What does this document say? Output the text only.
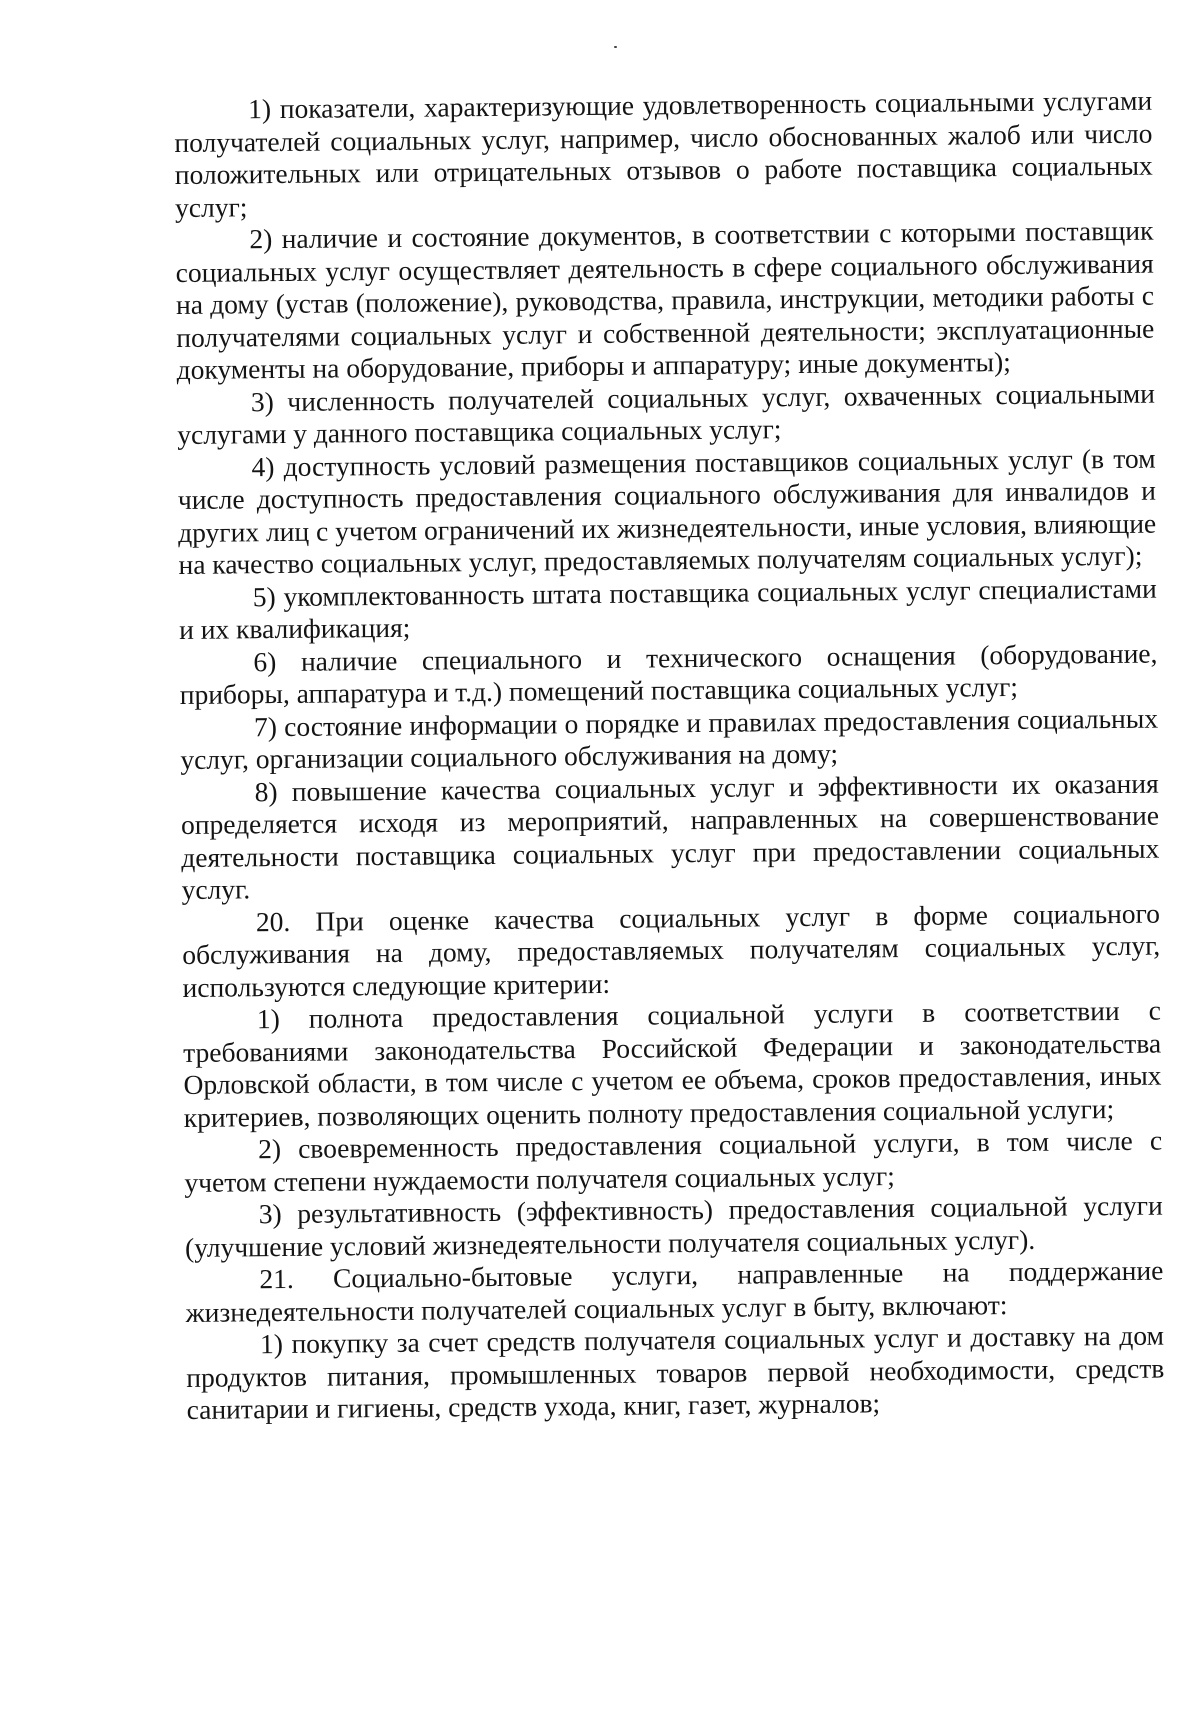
1) показатели, характеризующие удовлетворенность социальными услугами получателей социальных услуг, например, число обоснованных жалоб или число положительных или отрицательных отзывов о работе поставщика социальных услуг;

2) наличие и состояние документов, в соответствии с которыми поставщик социальных услуг осуществляет деятельность в сфере социального обслуживания на дому (устав (положение), руководства, правила, инструкции, методики работы с получателями социальных услуг и собственной деятельности; эксплуатационные документы на оборудование, приборы и аппаратуру; иные документы);

3) численность получателей социальных услуг, охваченных социальными услугами у данного поставщика социальных услуг;

4) доступность условий размещения поставщиков социальных услуг (в том числе доступность предоставления социального обслуживания для инвалидов и других лиц с учетом ограничений их жизнедеятельности, иные условия, влияющие на качество социальных услуг, предоставляемых получателям социальных услуг);

5) укомплектованность штата поставщика социальных услуг специалистами и их квалификация;

6) наличие специального и технического оснащения (оборудование, приборы, аппаратура и т.д.) помещений поставщика социальных услуг;

7) состояние информации о порядке и правилах предоставления социальных услуг, организации социального обслуживания на дому;

8) повышение качества социальных услуг и эффективности их оказания определяется исходя из мероприятий, направленных на совершенствование деятельности поставщика социальных услуг при предоставлении социальных услуг.

20. При оценке качества социальных услуг в форме социального обслуживания на дому, предоставляемых получателям социальных услуг, используются следующие критерии:

1) полнота предоставления социальной услуги в соответствии с требованиями законодательства Российской Федерации и законодательства Орловской области, в том числе с учетом ее объема, сроков предоставления, иных критериев, позволяющих оценить полноту предоставления социальной услуги;

2) своевременность предоставления социальной услуги, в том числе с учетом степени нуждаемости получателя социальных услуг;

3) результативность (эффективность) предоставления социальной услуги (улучшение условий жизнедеятельности получателя социальных услуг).

21. Социально-бытовые услуги, направленные на поддержание жизнедеятельности получателей социальных услуг в быту, включают:

1) покупку за счет средств получателя социальных услуг и доставку на дом продуктов питания, промышленных товаров первой необходимости, средств санитарии и гигиены, средств ухода, книг, газет, журналов;
